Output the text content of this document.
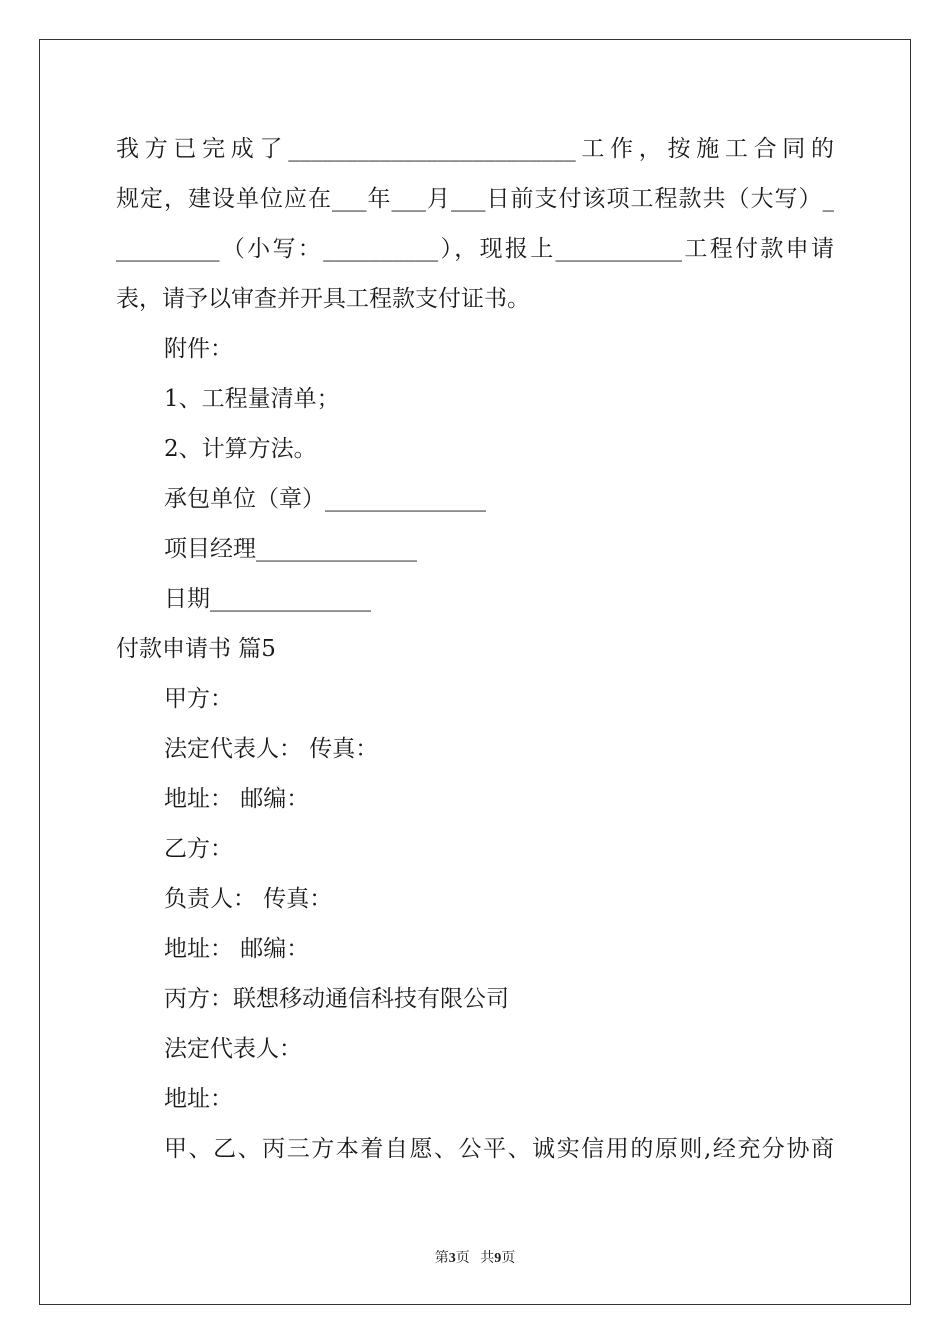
我方已完成了_________________________工作，按施工合同的
规定，建设单位应在___年___月___日前支付该项工程款共（大写）_
_________（小写：__________），现报上___________工程付款申请
表，请予以审查并开具工程款支付证书。
附件：
1、工程量清单；
2、计算方法。
承包单位（章）______________
项目经理______________
日期______________
付款申请书 篇5
甲方：
法定代表人： 传真：
地址： 邮编：
乙方：
负责人： 传真：
地址： 邮编：
丙方：联想移动通信科技有限公司
法定代表人：
地址：
甲、乙、丙三方本着自愿、公平、诚实信用的原则,经充分协商
第3页 共9页
